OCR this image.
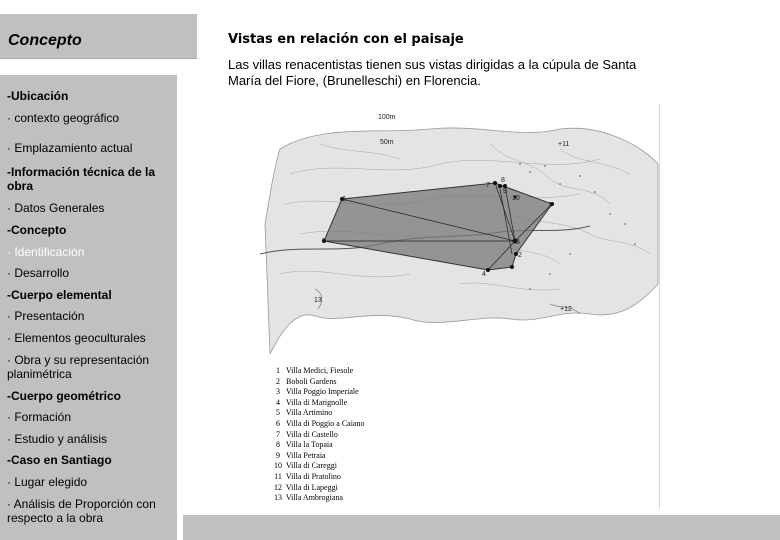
Concepto
-Ubicación
· contexto geográfico
· Emplazamiento actual
-Información técnica de la obra
· Datos Generales
-Concepto
· Identificación
· Desarrollo
-Cuerpo elemental
· Presentación
· Elementos geoculturales
· Obra y su representación planimétrica
-Cuerpo geométrico
· Formación
· Estudio y análisis
-Caso en Santiago
· Lugar elegido
· Análisis de Proporción con respecto a la obra
Vistas en relación con el paisaje
Las villas renacentistas tienen sus vistas dirigidas a la cúpula de Santa María del Fiore, (Brunelleschi) en Florencia.
100m
50m	+11
+12
1
2
3
4
5
6
7
8
9
10
13
1 Villa Medici, Fiesole
2 Boboli Gardens
3 Villa Poggio Imperiale
4 Villa di Marignolle
5 Villa Artimino
6 Villa di Poggio a Caiano
7 Villa di Castello
8 Villa la Topaia
9 Villa Petraia
10 Villa di Careggi
11 Villa di Pratolino
12 Villa di Lapeggi
13 Villa Ambrogiana
